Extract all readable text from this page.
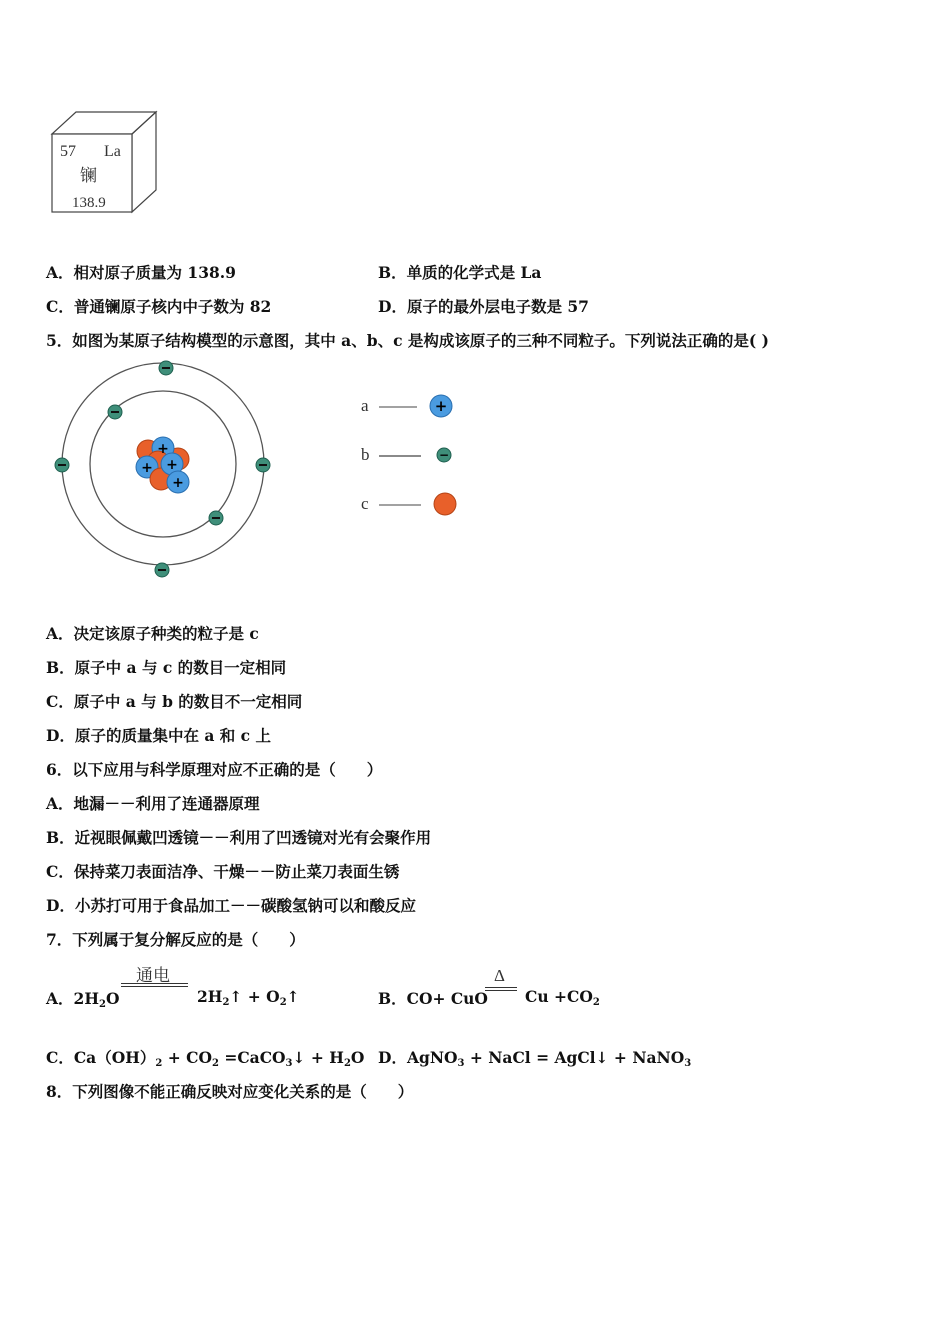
57 La
镧
138.9
A．相对原子质量为 138.9	B．单质的化学式是 La
C．普通镧原子核内中子数为 82	D．原子的最外层电子数是 57
5．如图为某原子结构模型的示意图，其中 a、b、c 是构成该原子的三种不同粒子。下列说法正确的是( )
+
+ +
+
a	+
b	−
c
A．决定该原子种类的粒子是 c
B．原子中 a 与 c 的数目一定相同
C．原子中 a 与 b 的数目不一定相同
D．原子的质量集中在 a 和 c 上
6．以下应用与科学原理对应不正确的是（　　）
A．地漏－－利用了连通器原理
B．近视眼佩戴凹透镜－－利用了凹透镜对光有会聚作用
C．保持菜刀表面洁净、干燥－－防止菜刀表面生锈
D．小苏打可用于食品加工－－碳酸氢钠可以和酸反应
7．下列属于复分解反应的是（　　）
A．$2H_2O$
通电
$2H_2↑$ + $O_2↑$	B．CO+ CuO
Δ
$Cu +CO_2$
C．$Ca(OH)_2 + CO_2$ =CaCO$_3$↓ + $H_2O$ D．AgNO$_3$ + NaCl = AgCl↓ + NaNO$_3$
8．下列图像不能正确反映对应变化关系的是（　　）
